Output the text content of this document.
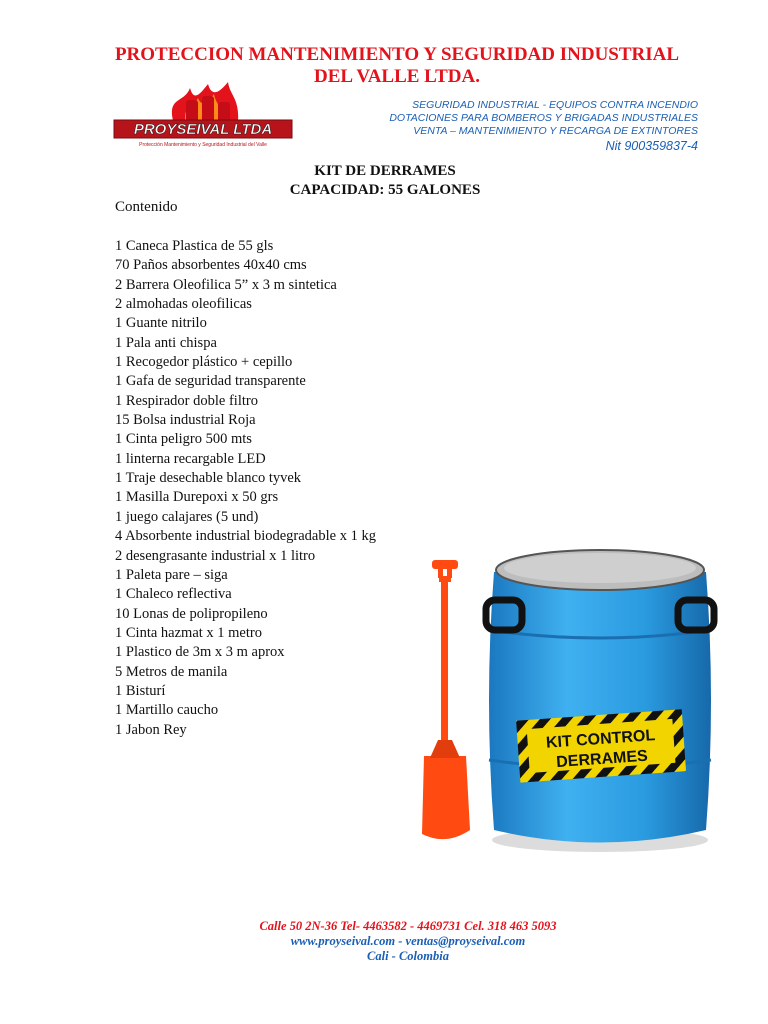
PROTECCION MANTENIMIENTO Y SEGURIDAD INDUSTRIAL
DEL VALLE LTDA.
PROYSEIVAL LTDA
Protección Mantenimiento y Seguridad Industrial del Valle
SEGURIDAD INDUSTRIAL - EQUIPOS CONTRA INCENDIO
DOTACIONES PARA BOMBEROS Y BRIGADAS INDUSTRIALES
VENTA – MANTENIMIENTO Y RECARGA DE EXTINTORES
Nit 900359837-4
KIT DE DERRAMES
CAPACIDAD: 55 GALONES
Contenido
1 Caneca Plastica de 55 gls
70 Paños absorbentes 40x40 cms
2 Barrera Oleofilica 5” x 3 m sintetica
2 almohadas oleofilicas
1 Guante nitrilo
1 Pala anti chispa
1 Recogedor plástico + cepillo
1 Gafa de seguridad transparente
1 Respirador doble filtro
15 Bolsa industrial Roja
1 Cinta peligro 500 mts
1 linterna recargable LED
1 Traje desechable blanco tyvek
1 Masilla Durepoxi x 50 grs
1 juego calajares (5 und)
4 Absorbente industrial biodegradable x 1 kg
2 desengrasante industrial x 1 litro
1 Paleta pare – siga
1 Chaleco reflectiva
10 Lonas de polipropileno
1 Cinta hazmat x 1 metro
1 Plastico de 3m x 3 m aprox
5 Metros de manila
1 Bisturí
1 Martillo caucho
1 Jabon Rey	KIT CONTROL
DERRAMES
Calle 50 2N-36 Tel- 4463582 - 4469731 Cel. 318 463 5093
www.proyseival.com - ventas@proyseival.com
Cali - Colombia
